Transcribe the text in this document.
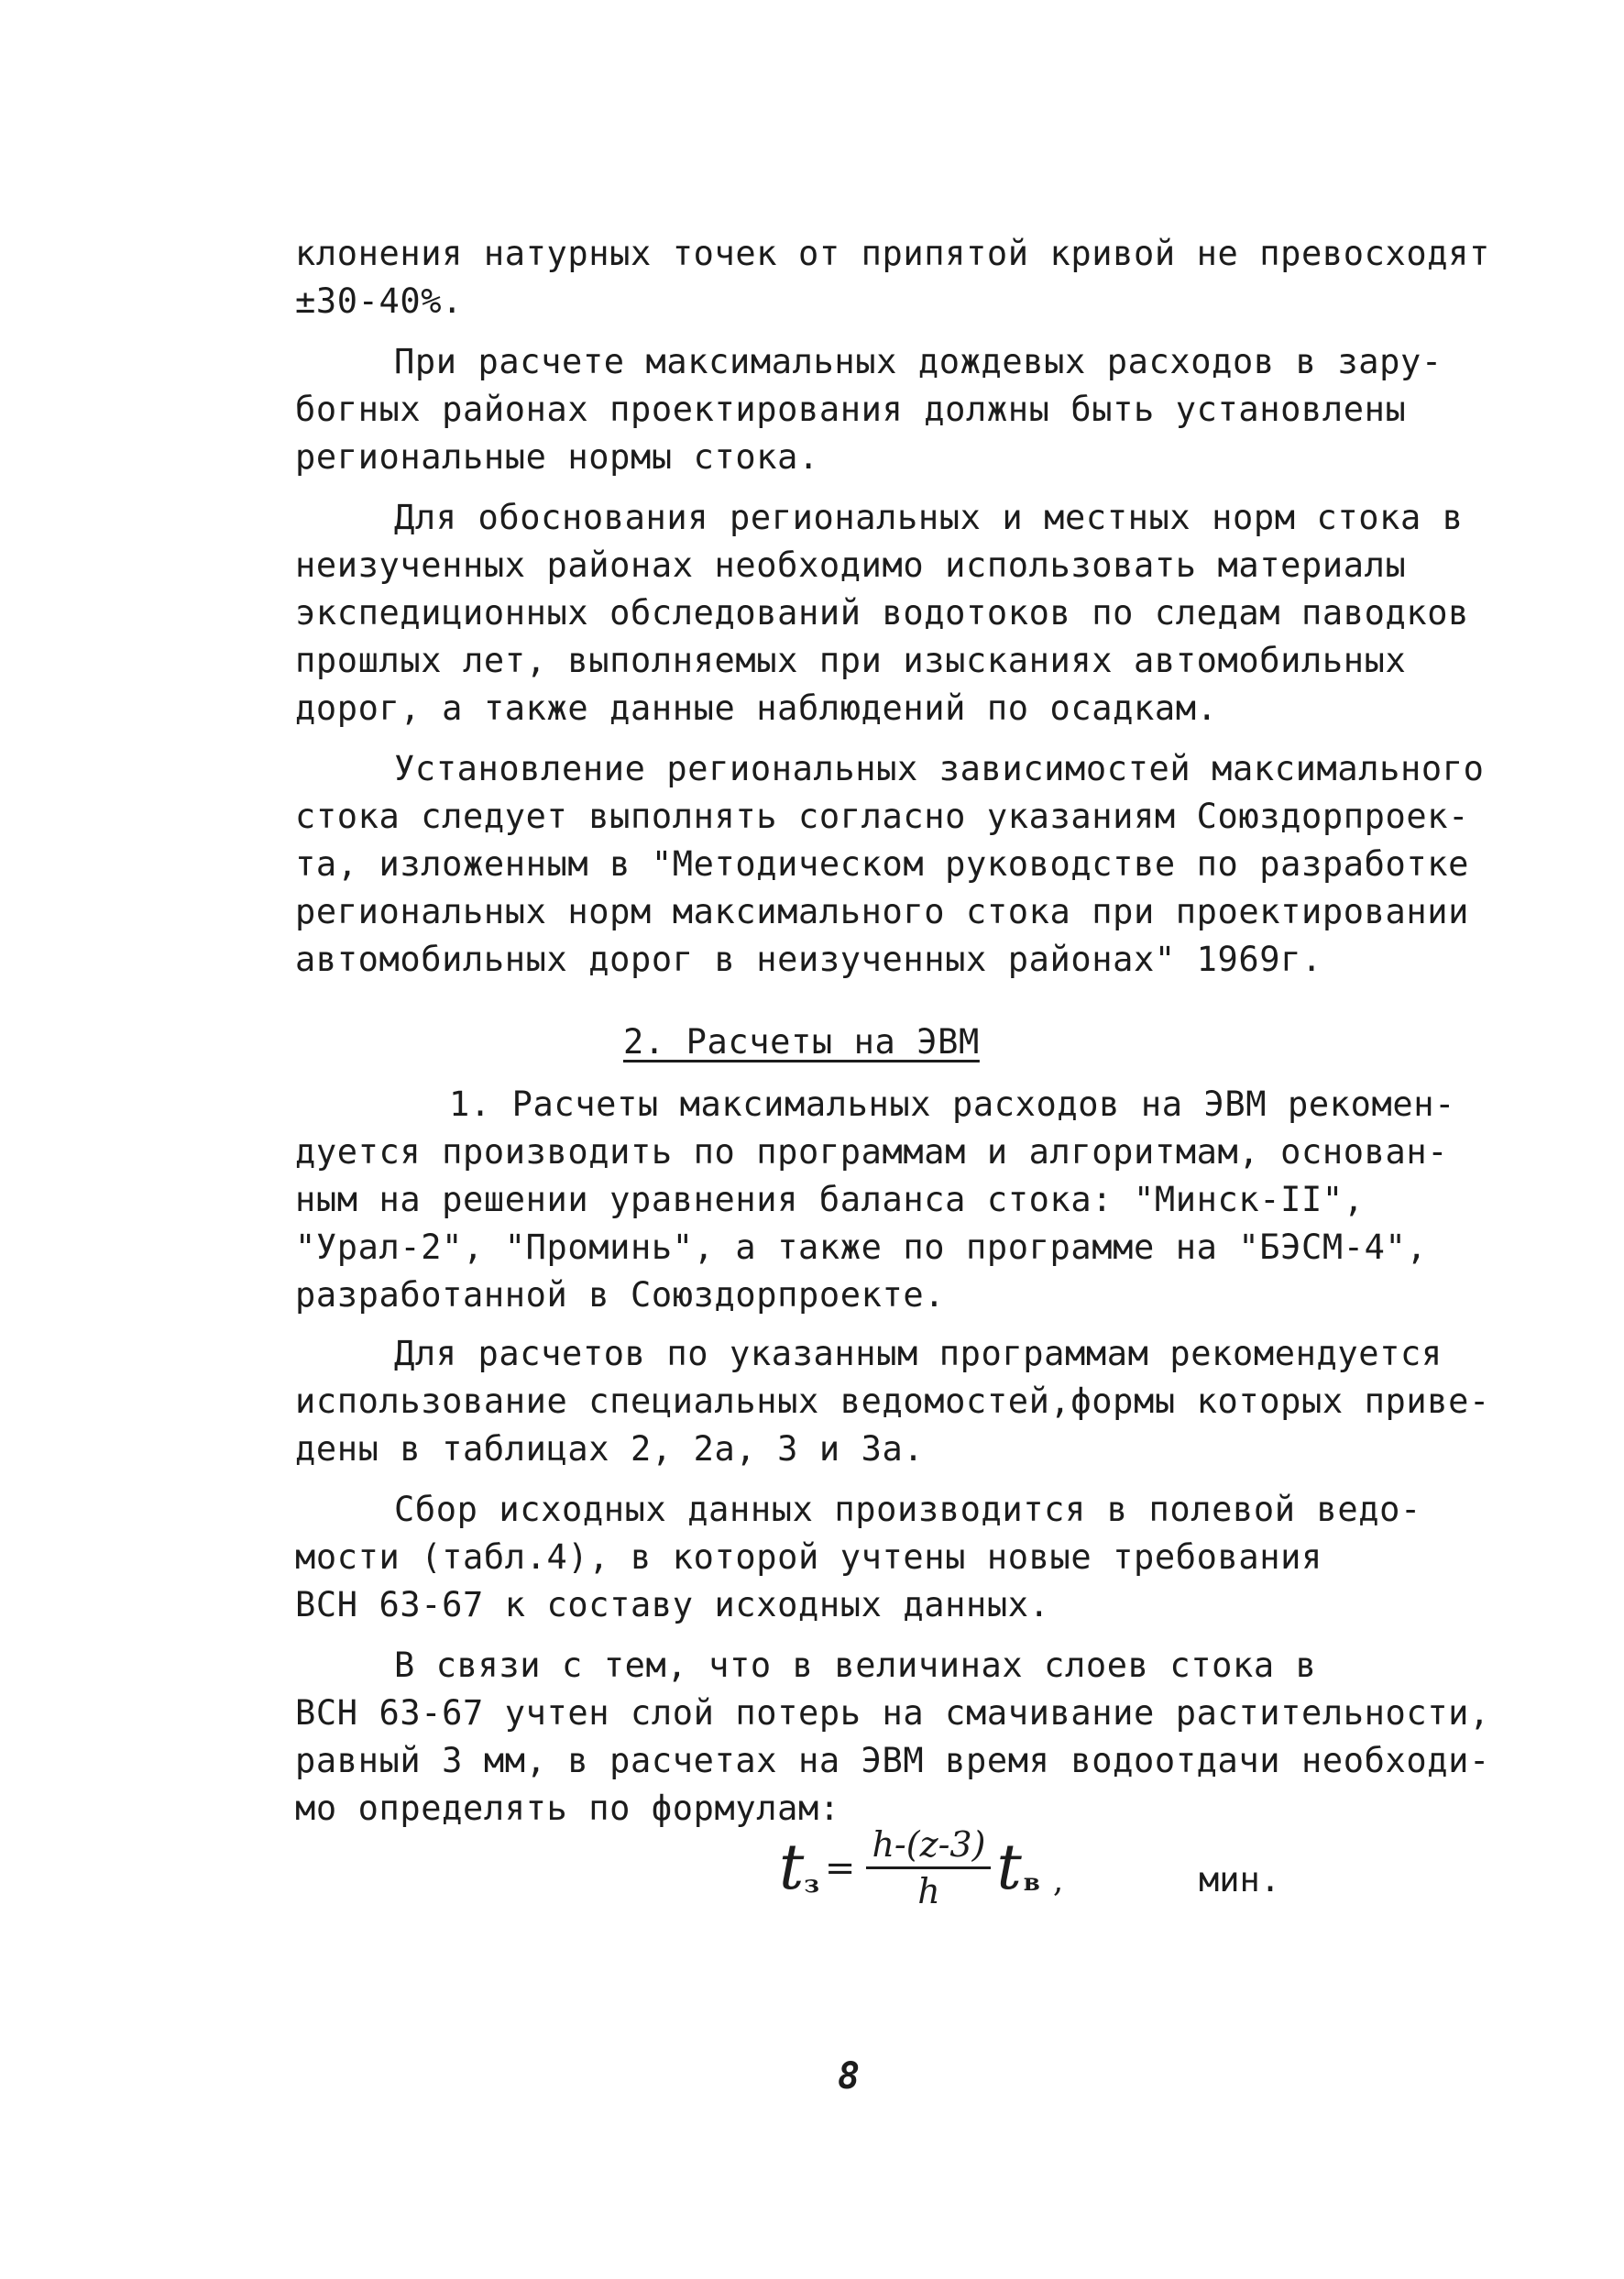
клонения натурных точек от припятой кривой не превосходят

±30-40%.

При расчете максимальных дождевых расходов в зару-

богных районах проектирования должны быть установлены

региональные нормы стока.

Для обоснования региональных и местных норм стока в

неизученных районах необходимо использовать материалы

экспедиционных обследований водотоков по следам паводков

прошлых лет, выполняемых при изысканиях автомобильных

дорог, а также данные наблюдений по осадкам.

Установление региональных зависимостей максимального

стока следует выполнять согласно указаниям Союздорпроек-

та, изложенным в "Методическом руководстве по разработке

региональных норм максимального стока при проектировании

автомобильных дорог в неизученных районах" 1969г.

2. Расчеты на ЭВМ

1. Расчеты максимальных расходов на ЭВМ рекомен-

дуется производить по программам и алгоритмам, основан-

ным на решении уравнения баланса стока: "Минск-II",

"Урал-2", "Проминь", а также по программе на "БЭСМ-4",

разработанной в Союздорпроекте.

Для расчетов по указанным программам рекомендуется

использование специальных ведомостей,формы которых приве-

дены в таблицах 2, 2а, 3 и 3а.

Сбор исходных данных производится в полевой ведо-

мости (табл.4), в которой учтены новые требования

ВСН 63-67 к составу исходных данных.

В связи с тем, что в величинах слоев стока в

ВСН 63-67 учтен слой потерь на смачивание растительности,

равный 3 мм, в расчетах на ЭВМ время водоотдачи необходи-

мо определять по формулам:

t $з = \frac{h-(z-3)}{h}$ t в ,	мин.
8
